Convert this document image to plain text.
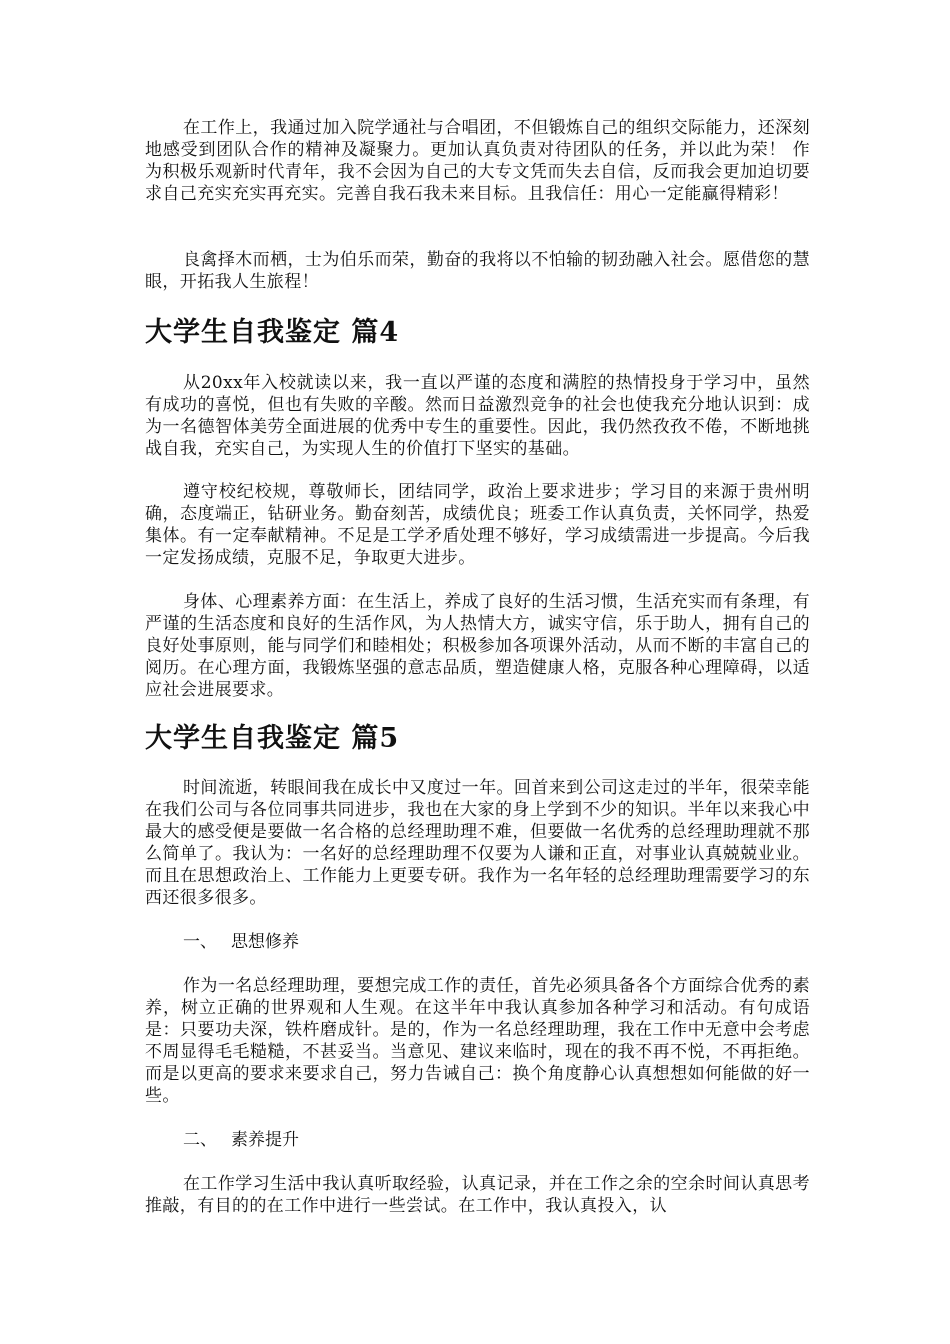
在工作上，我通过加入院学通社与合唱团，不但锻炼自己的组织交际能力，还深刻地感受到团队合作的精神及凝聚力。更加认真负责对待团队的任务，并以此为荣！ 作为积极乐观新时代青年，我不会因为自己的大专文凭而失去自信，反而我会更加迫切要求自己充实充实再充实。完善自我石我未来目标。且我信任：用心一定能赢得精彩！

良禽择木而栖，士为伯乐而荣，勤奋的我将以不怕输的韧劲融入社会。愿借您的慧眼，开拓我人生旅程！

大学生自我鉴定 篇4

从20xx年入校就读以来，我一直以严谨的态度和满腔的热情投身于学习中，虽然有成功的喜悦，但也有失败的辛酸。然而日益激烈竞争的社会也使我充分地认识到：成为一名德智体美劳全面进展的优秀中专生的重要性。因此，我仍然孜孜不倦，不断地挑战自我，充实自己，为实现人生的价值打下坚实的基础。

遵守校纪校规，尊敬师长，团结同学，政治上要求进步；学习目的来源于贵州明确，态度端正，钻研业务。勤奋刻苦，成绩优良；班委工作认真负责，关怀同学，热爱集体。有一定奉献精神。不足是工学矛盾处理不够好，学习成绩需进一步提高。今后我一定发扬成绩，克服不足，争取更大进步。

身体、心理素养方面：在生活上，养成了良好的生活习惯，生活充实而有条理，有严谨的生活态度和良好的生活作风，为人热情大方，诚实守信，乐于助人，拥有自己的良好处事原则，能与同学们和睦相处；积极参加各项课外活动，从而不断的丰富自己的阅历。在心理方面，我锻炼坚强的意志品质，塑造健康人格，克服各种心理障碍，以适应社会进展要求。

大学生自我鉴定 篇5

时间流逝，转眼间我在成长中又度过一年。回首来到公司这走过的半年，很荣幸能在我们公司与各位同事共同进步，我也在大家的身上学到不少的知识。半年以来我心中最大的感受便是要做一名合格的总经理助理不难，但要做一名优秀的总经理助理就不那么简单了。我认为：一名好的总经理助理不仅要为人谦和正直，对事业认真兢兢业业。而且在思想政治上、工作能力上更要专研。我作为一名年轻的总经理助理需要学习的东西还很多很多。

一、 思想修养

作为一名总经理助理，要想完成工作的责任，首先必须具备各个方面综合优秀的素养，树立正确的世界观和人生观。在这半年中我认真参加各种学习和活动。有句成语是：只要功夫深，铁杵磨成针。是的，作为一名总经理助理，我在工作中无意中会考虑不周显得毛毛糙糙，不甚妥当。当意见、建议来临时，现在的我不再不悦，不再拒绝。而是以更高的要求来要求自己，努力告诫自己：换个角度静心认真想想如何能做的好一些。

二、 素养提升

在工作学习生活中我认真听取经验，认真记录，并在工作之余的空余时间认真思考推敲，有目的的在工作中进行一些尝试。在工作中，我认真投入，认
